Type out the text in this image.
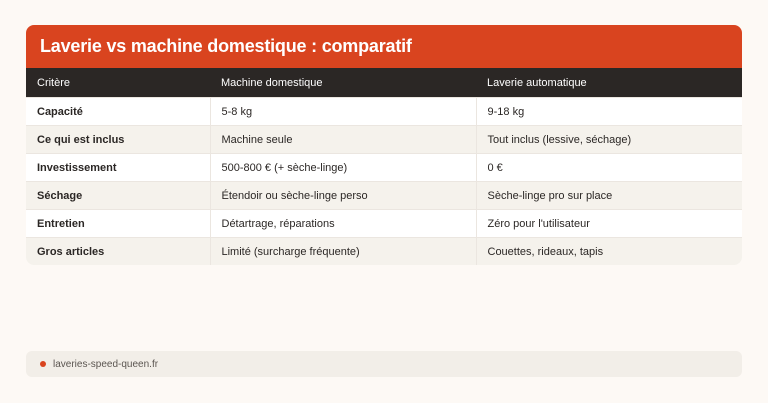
Laverie vs machine domestique : comparatif
Critère	Machine domestique	Laverie automatique
Capacité	5-8 kg	9-18 kg
Ce qui est inclus	Machine seule	Tout inclus (lessive, séchage)
Investissement	500-800 € (+ sèche-linge)	0 €
Séchage	Étendoir ou sèche-linge perso	Sèche-linge pro sur place
Entretien	Détartrage, réparations	Zéro pour l'utilisateur
Gros articles	Limité (surcharge fréquente)	Couettes, rideaux, tapis
laveries-speed-queen.fr
